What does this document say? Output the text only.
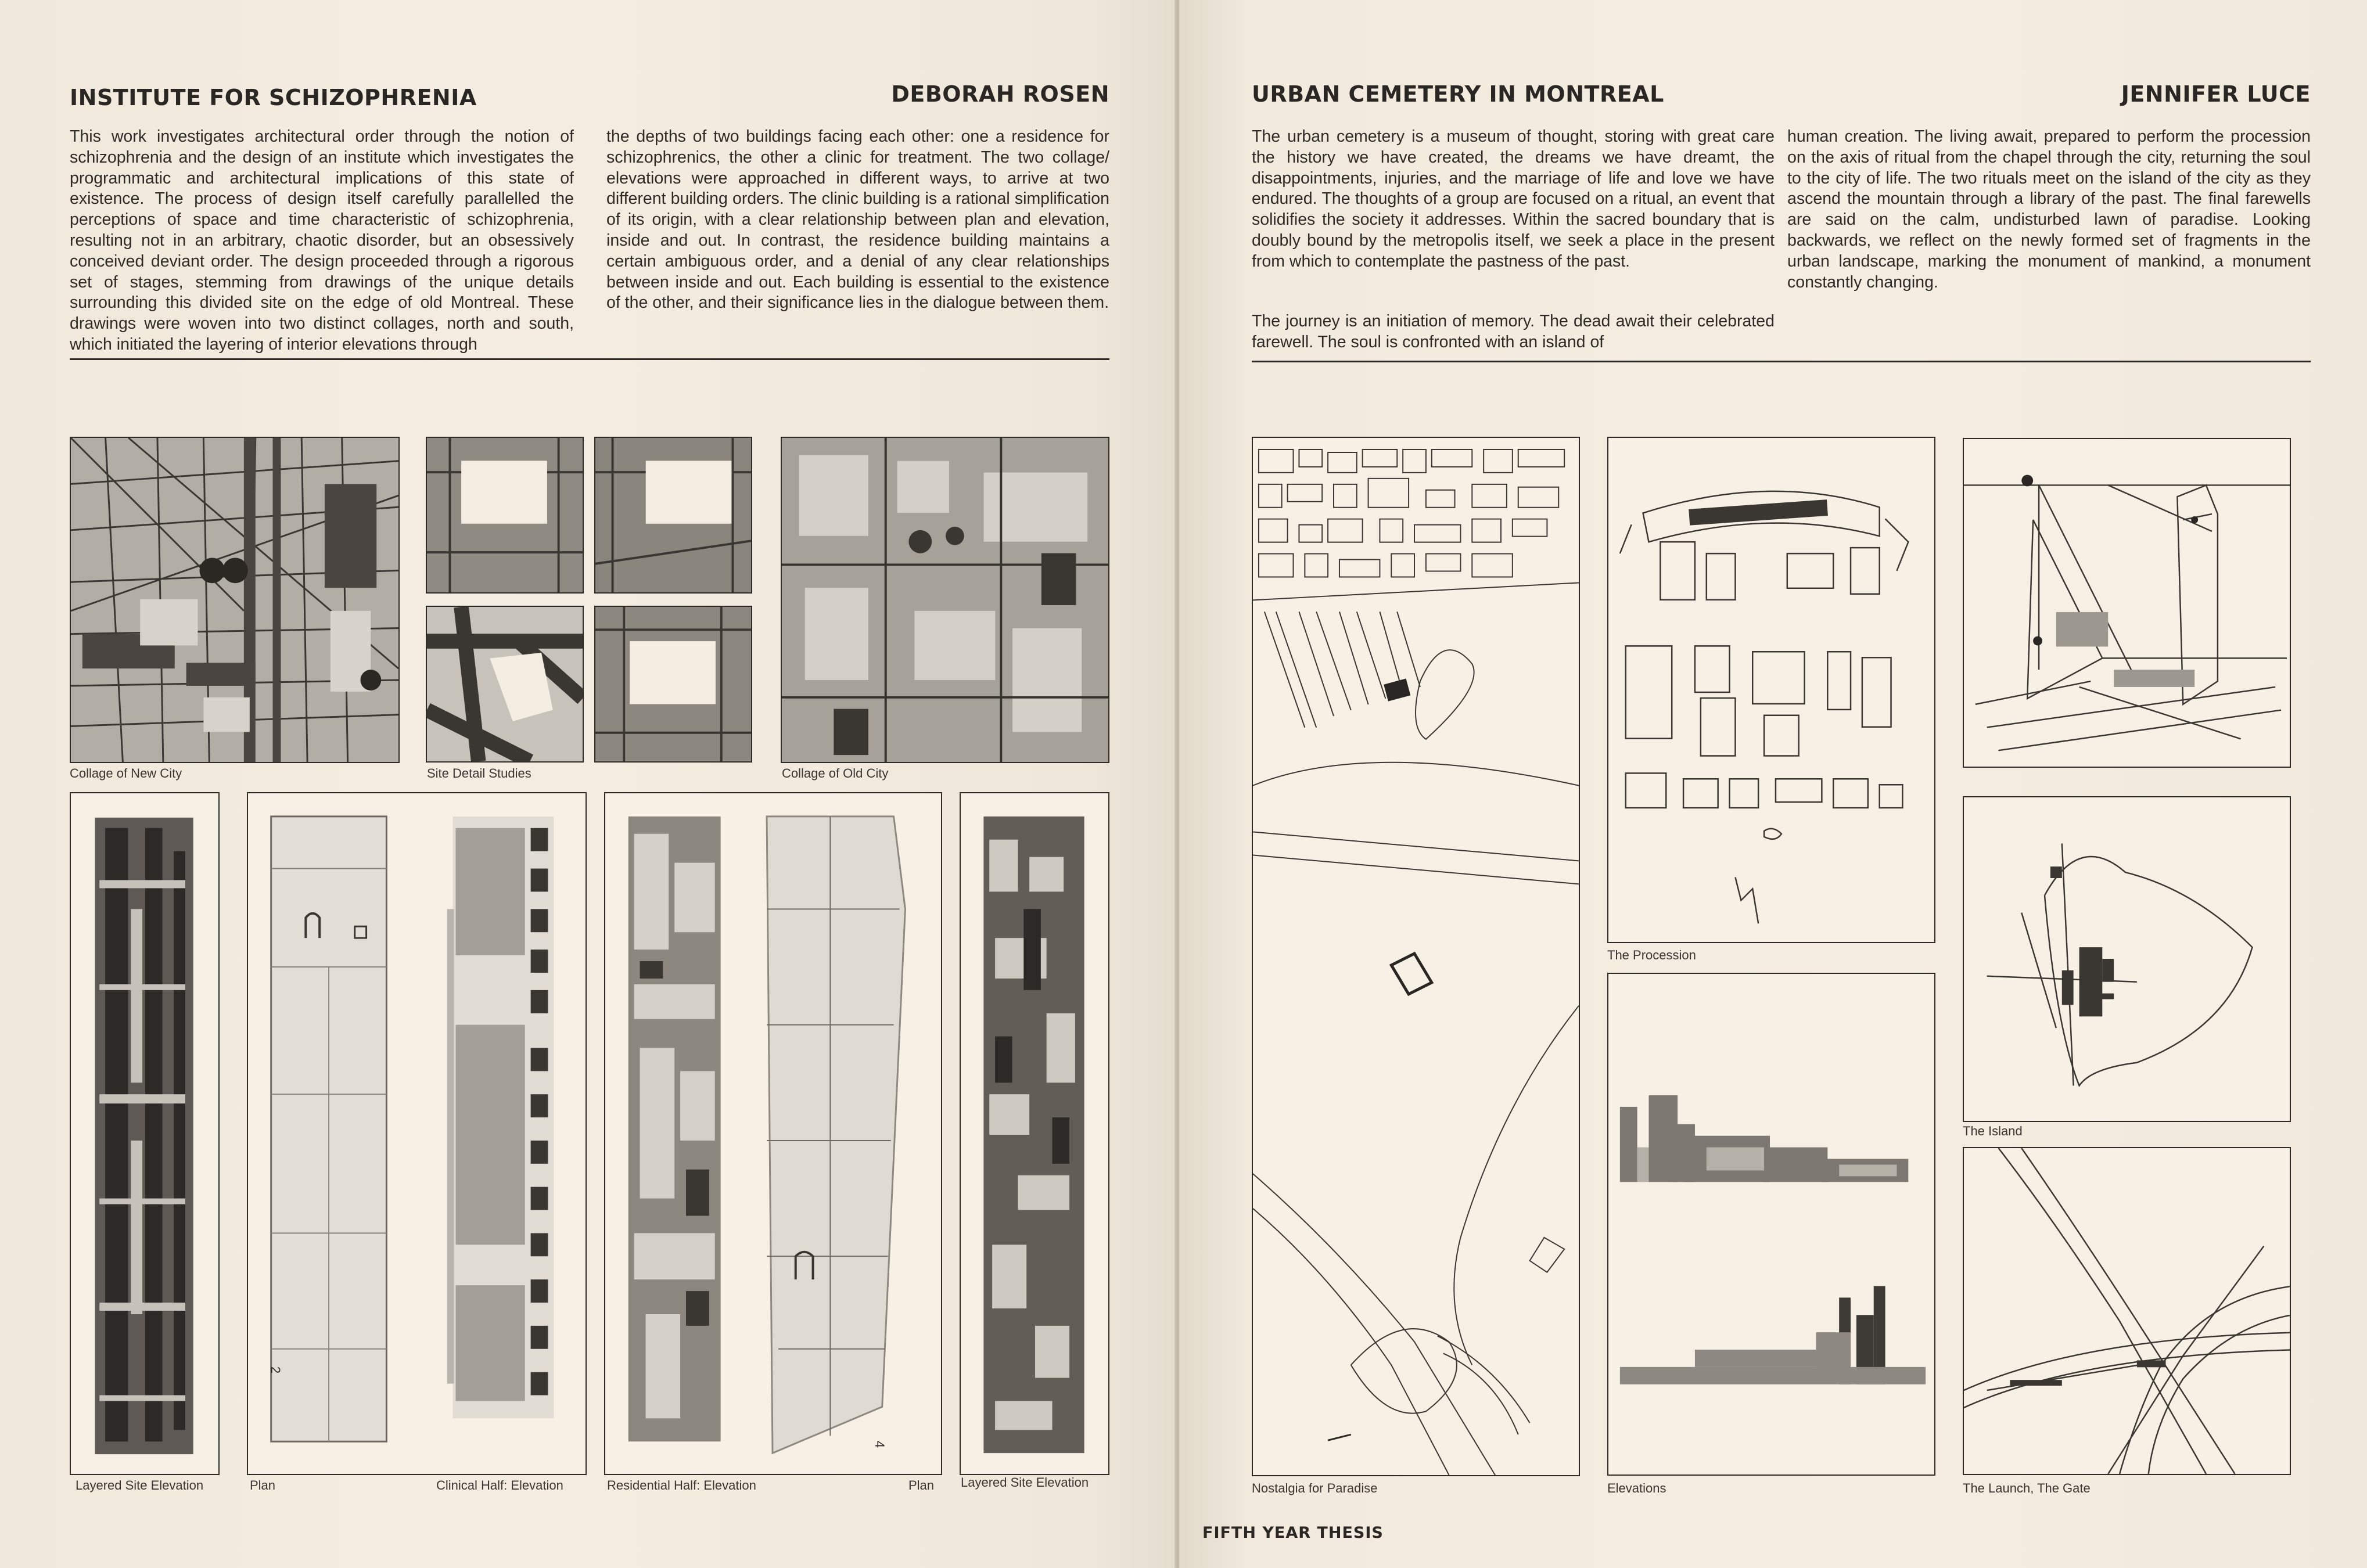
INSTITUTE FOR SCHIZOPHRENIA	DEBORAH ROSEN
This work investigates architectural order through the notion of schizophrenia and the design of an institute which investigates the programmatic and architectural implications of this state of existence. The process of design itself carefully parallelled the perceptions of space and time characteristic of schizophrenia, resulting not in an arbitrary, chaotic disorder, but an obsessively conceived deviant order. The design proceeded through a rigorous set of stages, stemming from drawings of the unique details surrounding this divided site on the edge of old Montreal. These drawings were woven into two distinct collages, north and south, which initiated the layering of interior elevations through
the depths of two buildings facing each other: one a residence for schizophrenics, the other a clinic for treatment. The two collage/ elevations were approached in different ways, to arrive at two different building orders. The clinic building is a rational simplification of its origin, with a clear relationship between plan and elevation, inside and out. In contrast, the residence building maintains a certain ambiguous order, and a denial of any clear relationships between inside and out. Each building is essential to the existence of the other, and their significance lies in the dialogue between them.
Collage of New City	Site Detail Studies	Collage of Old City
Layered Site Elevation
2
Plan	Clinical Half: Elevation
4
Residential Half: Elevation	Plan Layered Site Elevation
URBAN CEMETERY IN MONTREAL	JENNIFER LUCE
The urban cemetery is a museum of thought, storing with great care the history we have created, the dreams we have dreamt, the disappointments, injuries, and the marriage of life and love we have endured. The thoughts of a group are focused on a ritual, an event that solidifies the society it addresses. Within the sacred boundary that is doubly bound by the metropolis itself, we seek a place in the present from which to contemplate the pastness of the past.
The journey is an initiation of memory. The dead await their celebrated farewell. The soul is confronted with an island of
human creation. The living await, prepared to perform the procession on the axis of ritual from the chapel through the city, returning the soul to the city of life. The two rituals meet on the island of the city as they ascend the mountain through a library of the past. The final farewells are said on the calm, undisturbed lawn of paradise. Looking backwards, we reflect on the newly formed set of fragments in the urban landscape, marking the monument of mankind, a monument constantly changing.
Nostalgia for Paradise
The Procession
Elevations
The Island
The Launch, The Gate
FIFTH YEAR THESIS
